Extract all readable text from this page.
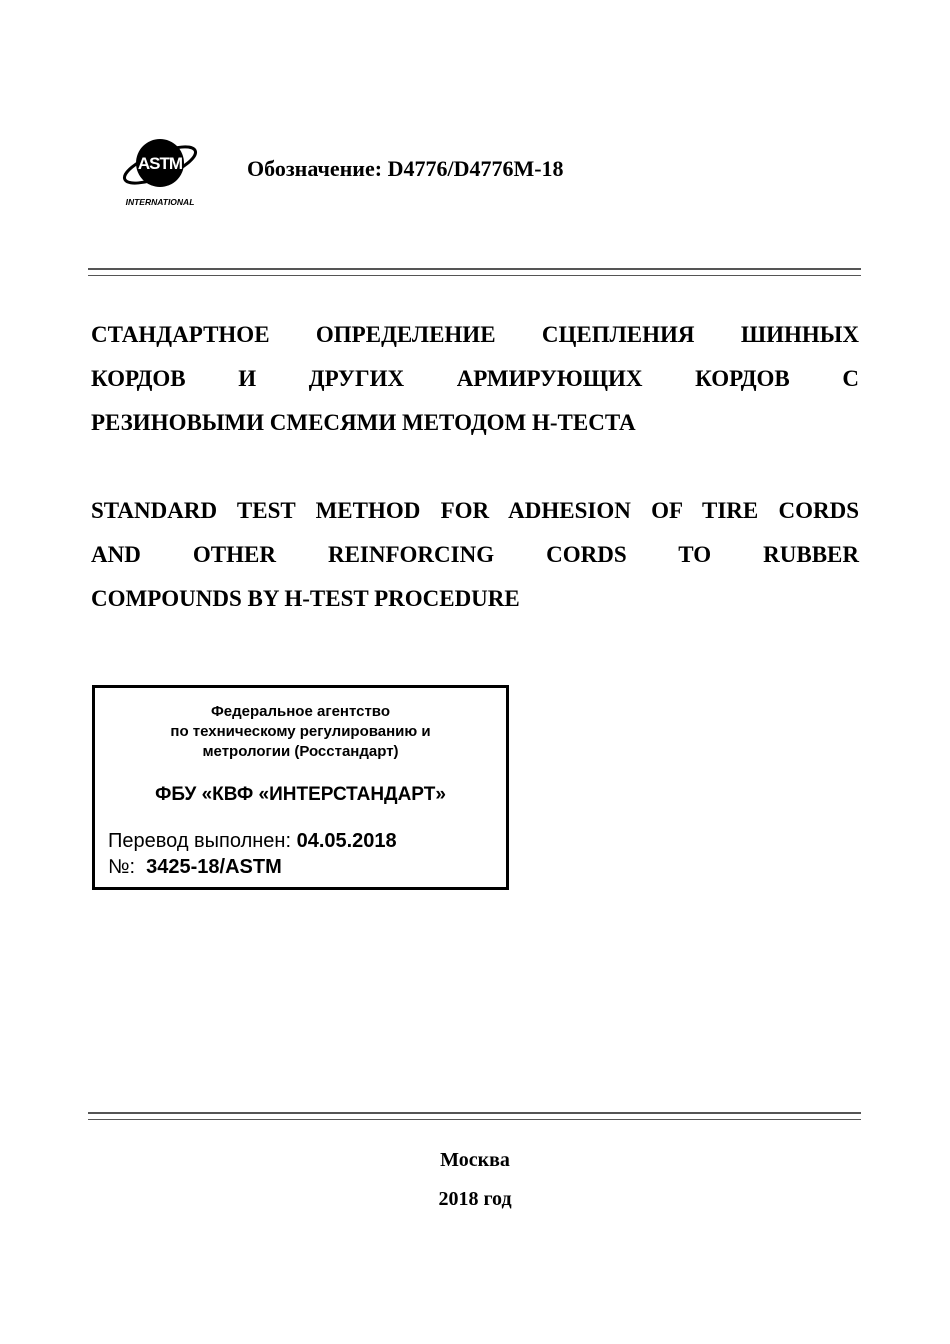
ASTM
INTERNATIONAL
Обозначение: D4776/D4776M-18
СТАНДАРТНОЕ ОПРЕДЕЛЕНИЕ СЦЕПЛЕНИЯ ШИННЫХ
КОРДОВ И ДРУГИХ АРМИРУЮЩИХ КОРДОВ С
РЕЗИНОВЫМИ СМЕСЯМИ МЕТОДОМ Н-ТЕСТА
STANDARD TEST METHOD FOR ADHESION OF TIRE CORDS
AND OTHER REINFORCING CORDS TO RUBBER
COMPOUNDS BY H-TEST PROCEDURE
Федеральное агентство
по техническому регулированию и
метрологии (Росстандарт)
ФБУ «КВФ «ИНТЕРСТАНДАРТ»
Перевод выполнен: 04.05.2018
№: 3425-18/ASTM
Москва
2018 год
